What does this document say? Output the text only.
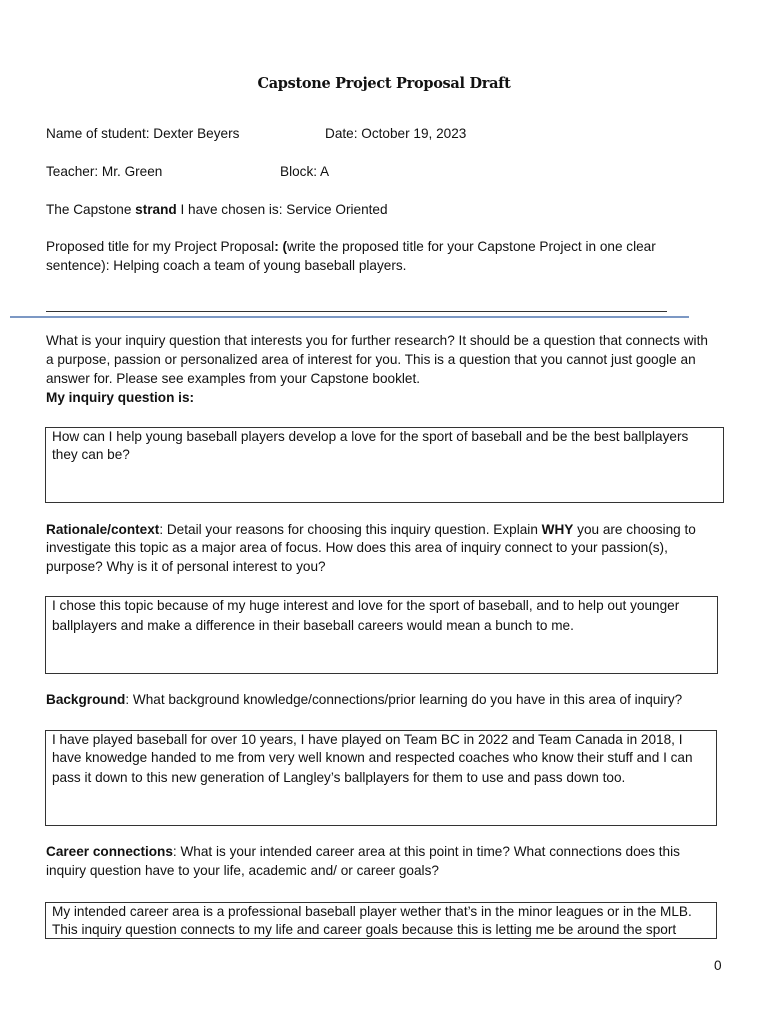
Capstone Project Proposal Draft
Name of student: Dexter Beyers	Date: October 19, 2023
Teacher: Mr. Green	Block: A
The Capstone strand I have chosen is: Service Oriented
Proposed title for my Project Proposal: (write the proposed title for your Capstone Project in one clear
sentence): Helping coach a team of young baseball players.
What is your inquiry question that interests you for further research? It should be a question that connects with
a purpose, passion or personalized area of interest for you. This is a question that you cannot just google an
answer for. Please see examples from your Capstone booklet.
My inquiry question is:
How can I help young baseball players develop a love for the sport of baseball and be the best ballplayers
they can be?
Rationale/context: Detail your reasons for choosing this inquiry question. Explain WHY you are choosing to
investigate this topic as a major area of focus. How does this area of inquiry connect to your passion(s),
purpose? Why is it of personal interest to you?
I chose this topic because of my huge interest and love for the sport of baseball, and to help out younger
ballplayers and make a difference in their baseball careers would mean a bunch to me.
Background: What background knowledge/connections/prior learning do you have in this area of inquiry?
I have played baseball for over 10 years, I have played on Team BC in 2022 and Team Canada in 2018, I
have knowedge handed to me from very well known and respected coaches who know their stuff and I can
pass it down to this new generation of Langley’s ballplayers for them to use and pass down too.
Career connections: What is your intended career area at this point in time? What connections does this
inquiry question have to your life, academic and/ or career goals?
My intended career area is a professional baseball player wether that’s in the minor leagues or in the MLB.
This inquiry question connects to my life and career goals because this is letting me be around the sport
0
